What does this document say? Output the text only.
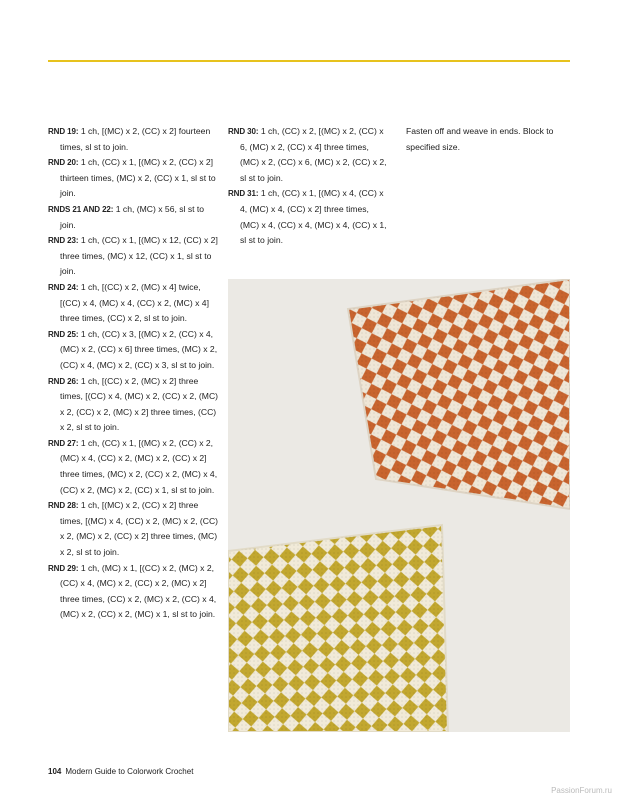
RND 19: 1 ch, [(MC) x 2, (CC) x 2] fourteen times, sl st to join.

RND 20: 1 ch, (CC) x 1, [(MC) x 2, (CC) x 2] thirteen times, (MC) x 2, (CC) x 1, sl st to join.

RNDS 21 AND 22: 1 ch, (MC) x 56, sl st to join.

RND 23: 1 ch, (CC) x 1, [(MC) x 12, (CC) x 2] three times, (MC) x 12, (CC) x 1, sl st to join.

RND 24: 1 ch, [(CC) x 2, (MC) x 4] twice, [(CC) x 4, (MC) x 4, (CC) x 2, (MC) x 4] three times, (CC) x 2, sl st to join.

RND 25: 1 ch, (CC) x 3, [(MC) x 2, (CC) x 4, (MC) x 2, (CC) x 6] three times, (MC) x 2, (CC) x 4, (MC) x 2, (CC) x 3, sl st to join.

RND 26: 1 ch, [(CC) x 2, (MC) x 2] three times, [(CC) x 4, (MC) x 2, (CC) x 2, (MC) x 2, (CC) x 2, (MC) x 2] three times, (CC) x 2, sl st to join.

RND 27: 1 ch, (CC) x 1, [(MC) x 2, (CC) x 2, (MC) x 4, (CC) x 2, (MC) x 2, (CC) x 2] three times, (MC) x 2, (CC) x 2, (MC) x 4, (CC) x 2, (MC) x 2, (CC) x 1, sl st to join.

RND 28: 1 ch, [(MC) x 2, (CC) x 2] three times, [(MC) x 4, (CC) x 2, (MC) x 2, (CC) x 2, (MC) x 2, (CC) x 2] three times, (MC) x 2, sl st to join.

RND 29: 1 ch, (MC) x 1, [(CC) x 2, (MC) x 2, (CC) x 4, (MC) x 2, (CC) x 2, (MC) x 2] three times, (CC) x 2, (MC) x 2, (CC) x 4, (MC) x 2, (CC) x 2, (MC) x 1, sl st to join.

RND 30: 1 ch, (CC) x 2, [(MC) x 2, (CC) x 6, (MC) x 2, (CC) x 4] three times, (MC) x 2, (CC) x 6, (MC) x 2, (CC) x 2, sl st to join.

RND 31: 1 ch, (CC) x 1, [(MC) x 4, (CC) x 4, (MC) x 4, (CC) x 2] three times, (MC) x 4, (CC) x 4, (MC) x 4, (CC) x 1, sl st to join.

Fasten off and weave in ends. Block to specified size.

104 Modern Guide to Colorwork Crochet
PassionForum.ru
